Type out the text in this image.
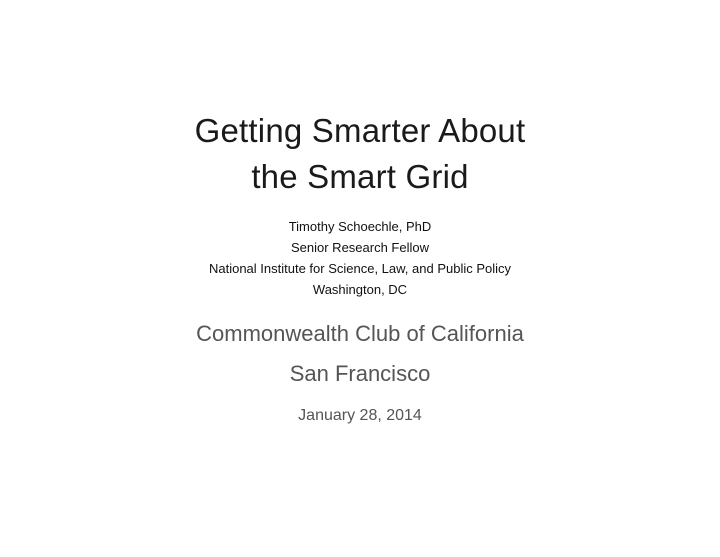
Getting Smarter About
the Smart Grid
Timothy Schoechle, PhD
Senior Research Fellow
National Institute for Science, Law, and Public Policy
Washington, DC
Commonwealth Club of California
San Francisco
January 28, 2014
